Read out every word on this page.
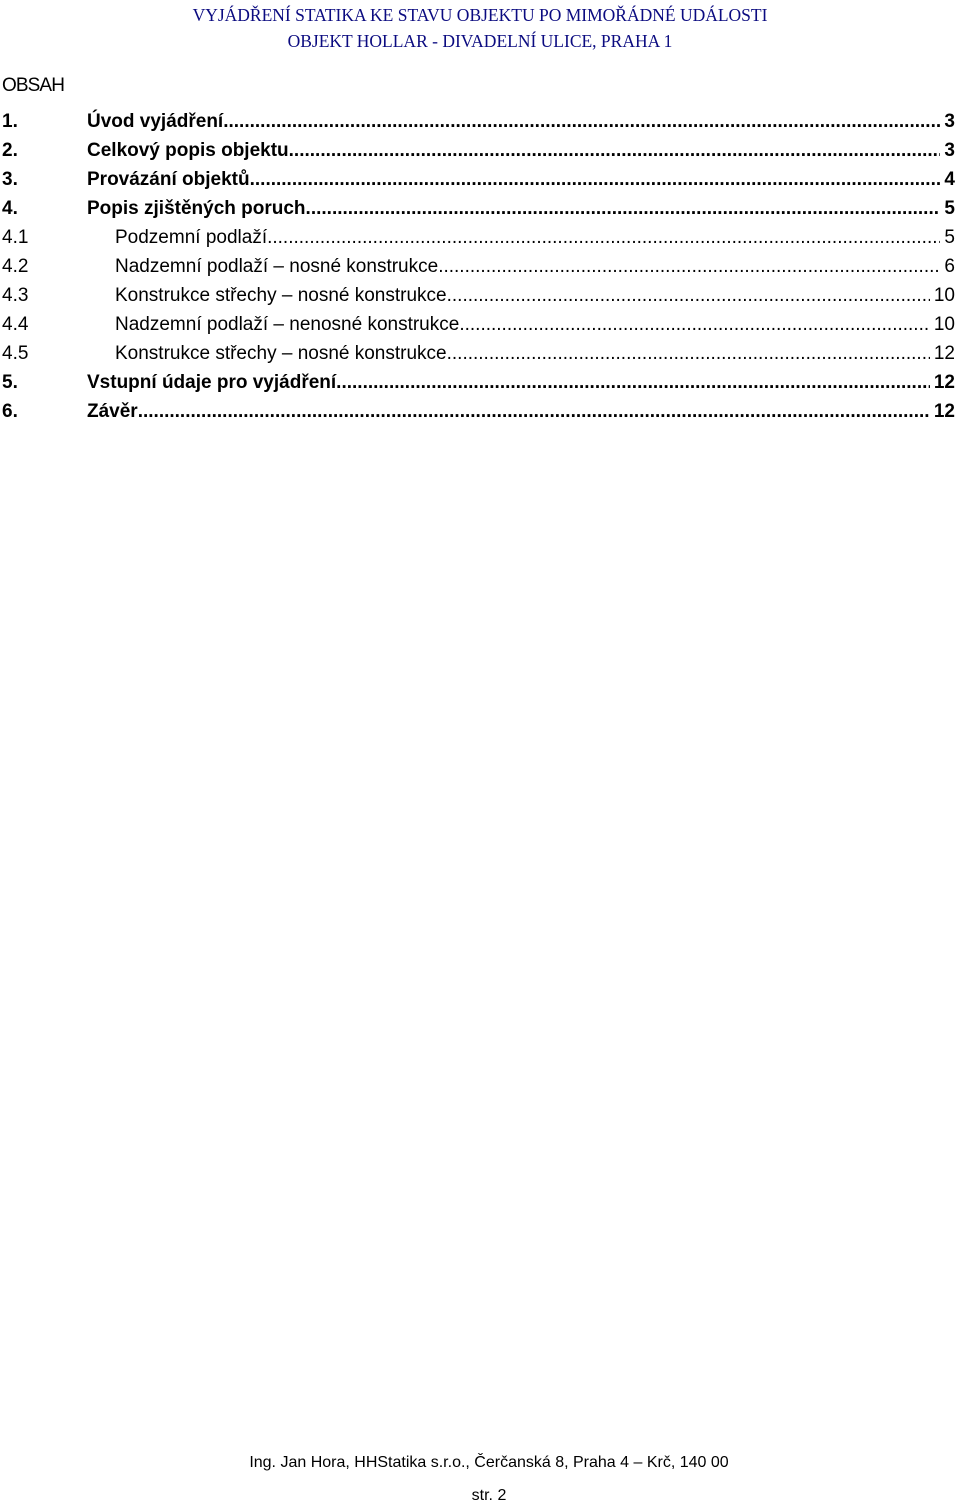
VYJÁDŘENÍ STATIKA KE STAVU OBJEKTU PO MIMOŘÁDNÉ UDÁLOSTI
OBJEKT HOLLAR - DIVADELNÍ ULICE, PRAHA 1
OBSAH
1.	Úvod vyjádření .....	3
2.	Celkový popis objektu .....	3
3.	Provázání objektů .....	4
4.	Popis zjištěných poruch .....	5
4.1	Podzemní podlaží .....	5
4.2	Nadzemní podlaží – nosné konstrukce .....	6
4.3	Konstrukce střechy – nosné konstrukce .....	10
4.4	Nadzemní podlaží – nenosné konstrukce .....	10
4.5	Konstrukce střechy – nosné konstrukce .....	12
5.	Vstupní údaje pro vyjádření .....	12
6.	Závěr .....	12
Ing. Jan Hora, HHStatika s.r.o., Čerčanská 8, Praha 4 – Krč, 140 00
str. 2
